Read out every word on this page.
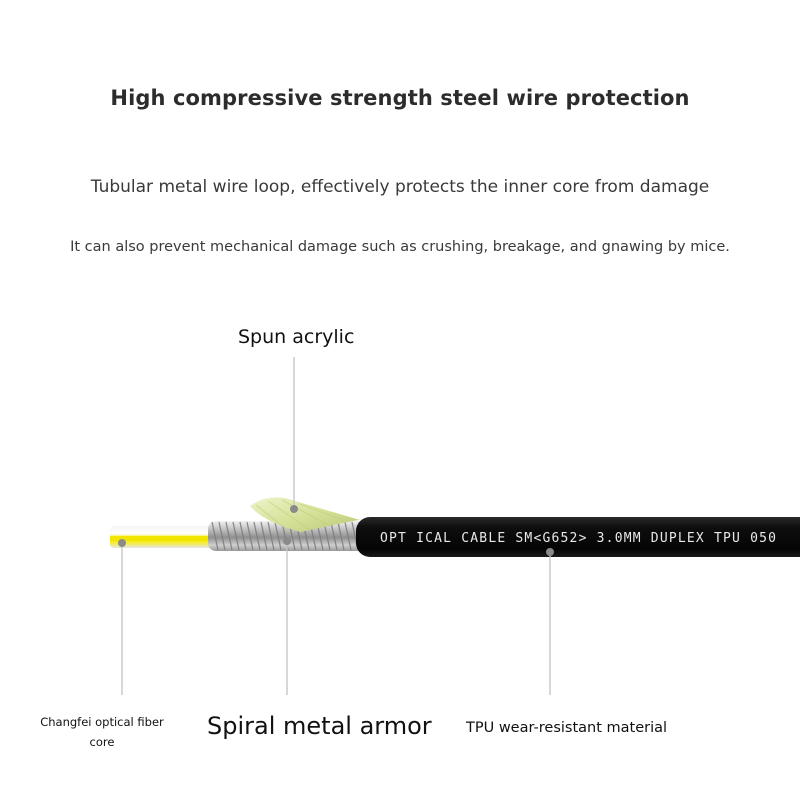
High compressive strength steel wire protection

Tubular metal wire loop, effectively protects the inner core from damage

It can also prevent mechanical damage such as crushing, breakage, and gnawing by mice.

OPT ICAL CABLE SM<G652> 3.0MM DUPLEX TPU 050
Spun acrylic
Changfei optical fiber core
Spiral metal armor TPU wear-resistant material
